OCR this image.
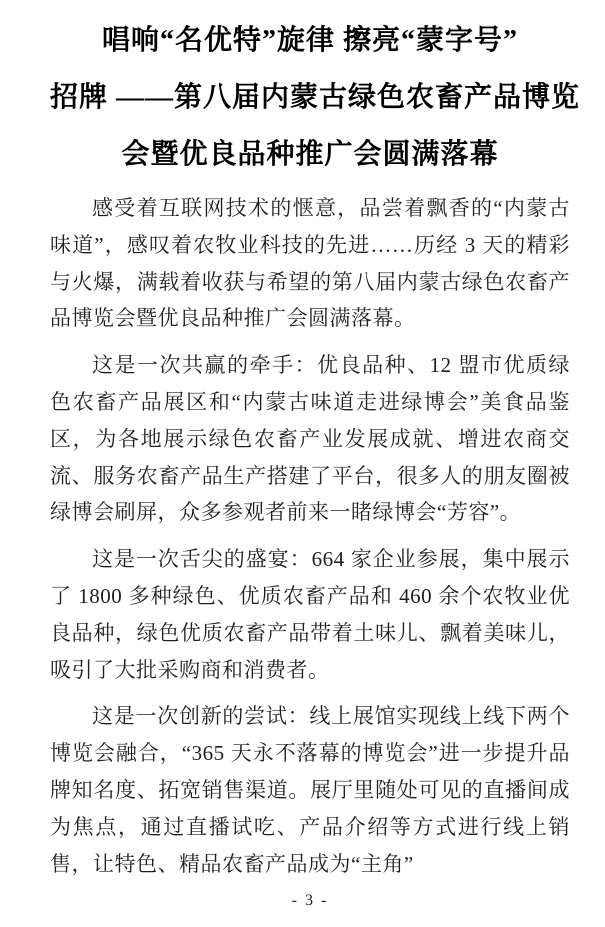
唱响“名优特”旋律 擦亮“蒙字号”
招牌 ——第八届内蒙古绿色农畜产品博览
会暨优良品种推广会圆满落幕

感受着互联网技术的惬意，品尝着飘香的“内蒙古味道”，感叹着农牧业科技的先进……历经 3 天的精彩与火爆，满载着收获与希望的第八届内蒙古绿色农畜产品博览会暨优良品种推广会圆满落幕。

这是一次共赢的牵手：优良品种、12 盟市优质绿色农畜产品展区和“内蒙古味道走进绿博会”美食品鉴区，为各地展示绿色农畜产业发展成就、增进农商交流、服务农畜产品生产搭建了平台，很多人的朋友圈被绿博会刷屏，众多参观者前来一睹绿博会“芳容”。

这是一次舌尖的盛宴：664 家企业参展，集中展示了 1800 多种绿色、优质农畜产品和 460 余个农牧业优良品种，绿色优质农畜产品带着土味儿、飘着美味儿，吸引了大批采购商和消费者。

这是一次创新的尝试：线上展馆实现线上线下两个博览会融合，“365 天永不落幕的博览会”进一步提升品牌知名度、拓宽销售渠道。展厅里随处可见的直播间成为焦点，通过直播试吃、产品介绍等方式进行线上销售，让特色、精品农畜产品成为“主角”

- 3 -
